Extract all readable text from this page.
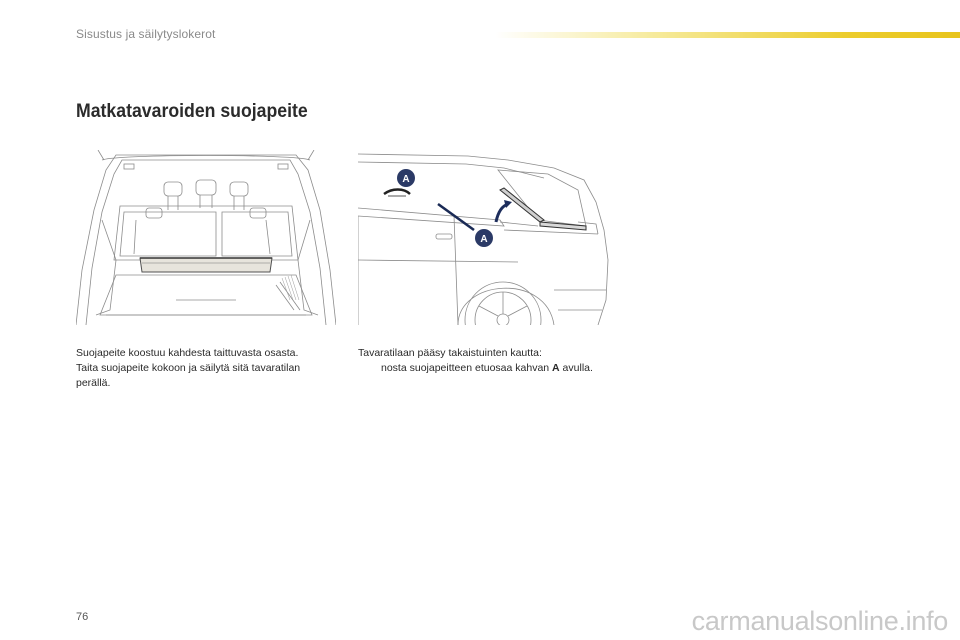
Sisustus ja säilytyslokerot
Matkatavaroiden suojapeite
A
A

Suojapeite koostuu kahdesta taittuvasta osasta.

Taita suojapeite kokoon ja säilytä sitä tavaratilan perällä.

Tavaratilaan pääsy takaistuinten kautta:

nosta suojapeitteen etuosaa kahvan A avulla.
76	carmanualsonline.info
